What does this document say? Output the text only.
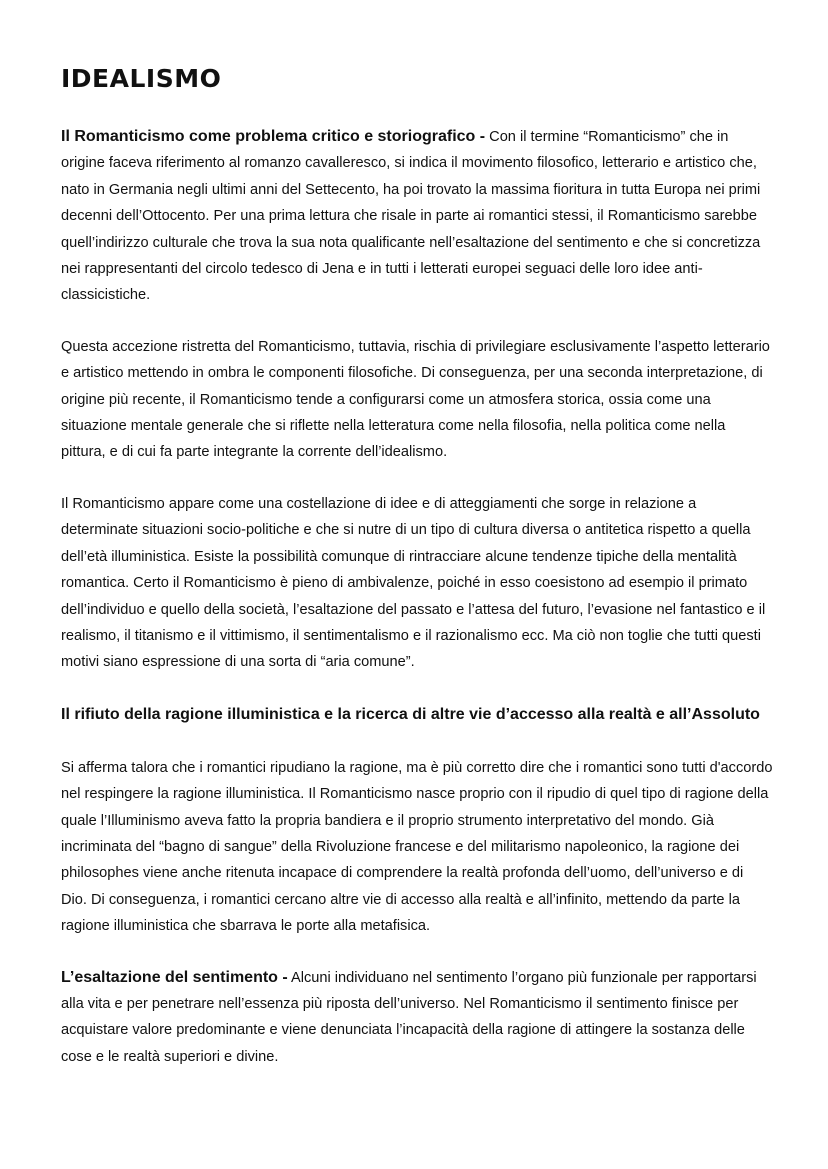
IDEALISMO

Il Romanticismo come problema critico e storiografico - Con il termine “Romanticismo” che in origine faceva riferimento al romanzo cavalleresco, si indica il movimento filosofico, letterario e artistico che, nato in Germania negli ultimi anni del Settecento, ha poi trovato la massima fioritura in tutta Europa nei primi decenni dell’Ottocento. Per una prima lettura che risale in parte ai romantici stessi, il Romanticismo sarebbe quell’indirizzo culturale che trova la sua nota qualificante nell’esaltazione del sentimento e che si concretizza nei rappresentanti del circolo tedesco di Jena e in tutti i letterati europei seguaci delle loro idee anti-classicistiche.

Questa accezione ristretta del Romanticismo, tuttavia, rischia di privilegiare esclusivamente l’aspetto letterario e artistico mettendo in ombra le componenti filosofiche. Di conseguenza, per una seconda interpretazione, di origine più recente, il Romanticismo tende a configurarsi come un atmosfera storica, ossia come una situazione mentale generale che si riflette nella letteratura come nella filosofia, nella politica come nella pittura, e di cui fa parte integrante la corrente dell’idealismo.

Il Romanticismo appare come una costellazione di idee e di atteggiamenti che sorge in relazione a determinate situazioni socio-politiche e che si nutre di un tipo di cultura diversa o antitetica rispetto a quella dell’età illuministica. Esiste la possibilità comunque di rintracciare alcune tendenze tipiche della mentalità romantica. Certo il Romanticismo è pieno di ambivalenze, poiché in esso coesistono ad esempio il primato dell’individuo e quello della società, l’esaltazione del passato e l’attesa del futuro, l’evasione nel fantastico e il realismo, il titanismo e il vittimismo, il sentimentalismo e il razionalismo ecc. Ma ciò non toglie che tutti questi motivi siano espressione di una sorta di “aria comune”.

Il rifiuto della ragione illuministica e la ricerca di altre vie d’accesso alla realtà e all’Assoluto

Si afferma talora che i romantici ripudiano la ragione, ma è più corretto dire che i romantici sono tutti d'accordo nel respingere la ragione illuministica. Il Romanticismo nasce proprio con il ripudio di quel tipo di ragione della quale l’Illuminismo aveva fatto la propria bandiera e il proprio strumento interpretativo del mondo. Già incriminata del “bagno di sangue” della Rivoluzione francese e del militarismo napoleonico, la ragione dei philosophes viene anche ritenuta incapace di comprendere la realtà profonda dell’uomo, dell’universo e di Dio. Di conseguenza, i romantici cercano altre vie di accesso alla realtà e all’infinito, mettendo da parte la ragione illuministica che sbarrava le porte alla metafisica.

L’esaltazione del sentimento - Alcuni individuano nel sentimento l’organo più funzionale per rapportarsi alla vita e per penetrare nell’essenza più riposta dell’universo. Nel Romanticismo il sentimento finisce per acquistare valore predominante e viene denunciata l’incapacità della ragione di attingere la sostanza delle cose e le realtà superiori e divine.
